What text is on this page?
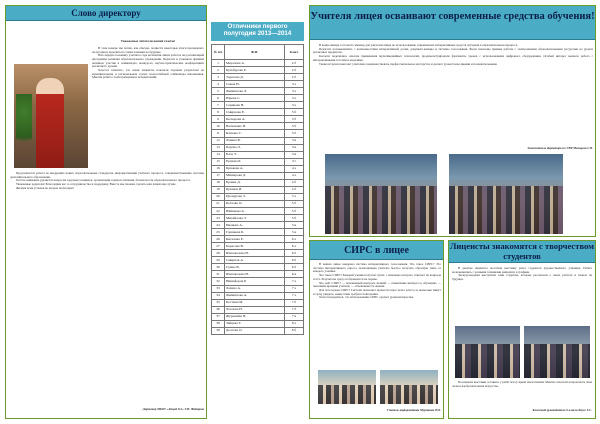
Слово директору
Уважаемые читатели нашей газеты!

В этом номере мы хотим, как обычно, подвести некоторые итоги прошедшего полугодия и поделиться с вами планами на будущее.

Всю первую половину учебного года коллектив лицея работал над реализацией программы развития образовательного учреждения. Педагоги и учащиеся приняли активное участие в олимпиадах, конкурсах, научно-практических конференциях различного уровня.

Хочется отметить, что наши лицеисты показали хорошие результаты на муниципальном и региональном этапах всероссийской олимпиады школьников. Многие ребята стали призерами и победителями.

Продолжается работа по внедрению новых образовательных стандартов, информатизации учебного процесса, совершенствованию системы дополнительного образования.

Особое внимание уделяется вопросам здоровья учащихся, организации горячего питания, безопасности образовательного процесса.

Уважаемые родители! Благодарим вас за сотрудничество и поддержку. Вместе мы сможем сделать наш лицей еще лучше.

Желаем всем успехов во втором полугодии!

Директор МБОУ «Лицей №1» Т.Н. Федорова
Отличники первого полугодия 2013—2014
№ п/п	Ф.И.	Класс
1	Мерзлова А.	2 б
2	Кузьбурова Е.	2 б
3	Тарасова Д.	2 б
4	Смаев Н.	3 а
5	Филиппова Л.	3 а
6	Юрова С.	3 а
7	Серикова Н.	3 а
8	Смирнова Е.	3 б
9	Бескорова А.	3 б
10	Василенко И.	3 б
11	Каткова С.	3 б
12	Лазина В.	3 в
13	Карова Л.	3 в
14	Блох Т.	3 в
15	Ершова Р.	3 г
16	Крюкова А.	4 а
17	Мишарова Д.	4 а
18	Бровка Д.	4 б
19	Кулаков И.	4 б
20	Прокурова З.	5 а
21	Козлова О.	5 б
22	Шишкова А.	5 б
23	Михайлова Э.	5 б
24	Иванова А.	5 в
25	Горшкова Б.	5 в
26	Киселева Е.	6 а
27	Карасова В.	6 а
28	Шаповалова Н.	6 б
29	Смирнов А.	6 б
30	Сумко В.	6 б
31	Шаповалова Н.	6 в
32	Никифоров Р.	7 а
33	Лазина А.	7 а
34	Филиппова А.	7 а
35	Костина М.	7 б
36	Хохлова Н.	7 б
37	Журавлёва В.	7 в
38	Зайцева Т.	8 а
39	Долгова О.	8 б
Учителя лицея осваивают современные средства обучения!

В конце января состоялся семинар для учителей лицея по использованию современных интерактивных средств обучения в образовательном процессе.

Педагоги познакомились с возможностями интерактивной доски, документ-камеры и системы голосования. Были показаны приемы работы с электронными образовательными ресурсами на уроках различных предметов.

Коллеги поделились опытом применения мультимедийных технологий, продемонстрировали фрагменты уроков с использованием цифрового оборудования. Особый интерес вызвала работа с интерактивными тестами и моделями.

Такие встречи помогают учителям совершенствовать профессиональное мастерство и делают уроки более яркими и познавательными.

Заместитель директора по УВР Мальцева С.В.
СИРС в лицее

В нашем лицее внедрена система интерактивного голосования. Что такое СИРС? Это система интерактивного опроса, позволяющая учителю быстро получать обратную связь от каждого ученика.

Что такое СИРС? Каждый ученик получает пульт, с помощью которого отвечает на вопросы теста. Результаты сразу отображаются на экране.

Что даёт СИРС? — мгновенный контроль знаний; — повышение интереса к обучению; — экономию времени учителя; — объективность оценки.

Для чего нужна СИРС? Система позволяет провести опрос всего класса за несколько минут и сразу увидеть, какие темы требуют повторения.

Хочется надеяться, что использование СИРС сделает уроки интереснее.

Учитель информатики Мурзакова Н.Б.
Лицеисты знакомятся с творчеством студентов

В декабре лицеисты посетили выставку работ студентов художественного училища. Ребята познакомились с разными техниками живописи и графики.

Экскурсоводами выступили сами студенты, которые рассказали о своих работах и планах на будущее.

Посещение выставки оставило у ребят массу ярких впечатлений. Многие захотели попробовать свои силы в изобразительном искусстве.

Классный руководитель 9 класса Баусе Т.С.
